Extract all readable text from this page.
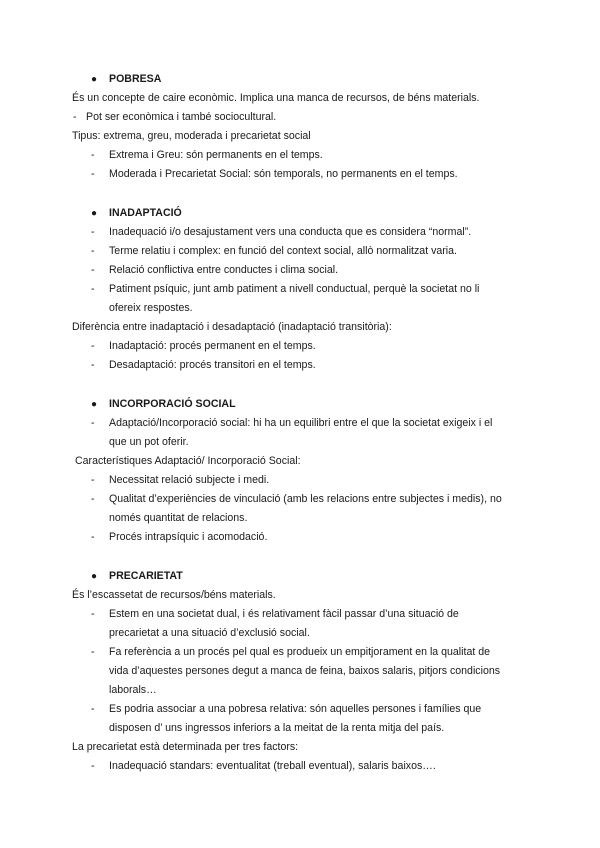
● POBRESA
És un concepte de caire econòmic. Implica una manca de recursos, de béns materials.
- Pot ser econòmica i també sociocultural.
Tipus: extrema, greu, moderada i precarietat social
- Extrema i Greu: són permanents en el temps.
- Moderada i Precarietat Social: són temporals, no permanents en el temps.
● INADAPTACIÓ
- Inadequació i/o desajustament vers una conducta que es considera “normal”.
- Terme relatiu i complex: en funció del context social, allò normalitzat varia.
- Relació conflictiva entre conductes i clima social.
- Patiment psíquic, junt amb patiment a nivell conductual, perquè la societat no li
ofereix respostes.
Diferència entre inadaptació i desadaptació (inadaptació transitòria):
- Inadaptació: procés permanent en el temps.
- Desadaptació: procés transitori en el temps.
● INCORPORACIÓ SOCIAL
- Adaptació/Incorporació social: hi ha un equilibri entre el que la societat exigeix i el
que un pot oferir.
Característiques Adaptació/ Incorporació Social:
- Necessitat relació subjecte i medi.
- Qualitat d’experiències de vinculació (amb les relacions entre subjectes i medis), no
només quantitat de relacions.
- Procés intrapsíquic i acomodació.
● PRECARIETAT
És l’escassetat de recursos/béns materials.
- Estem en una societat dual, i és relativament fàcil passar d’una situació de
precarietat a una situació d’exclusió social.
- Fa referència a un procés pel qual es produeix un empitjorament en la qualitat de
vida d’aquestes persones degut a manca de feina, baixos salaris, pitjors condicions
laborals…
- Es podria associar a una pobresa relativa: són aquelles persones i famílies que
disposen d’ uns ingressos inferiors a la meitat de la renta mitja del país.
La precarietat està determinada per tres factors:
- Inadequació standars: eventualitat (treball eventual), salaris baixos….
